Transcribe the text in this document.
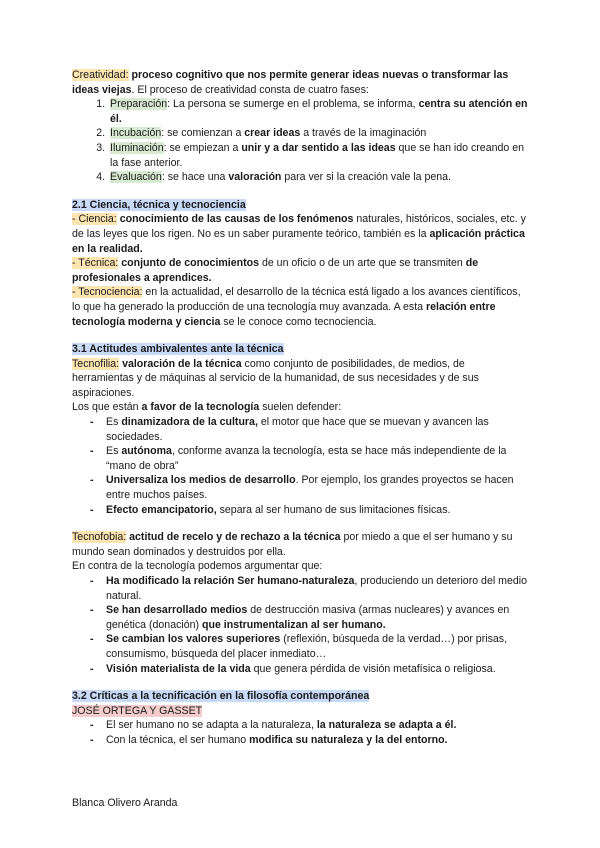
Creatividad: proceso cognitivo que nos permite generar ideas nuevas o transformar las ideas viejas. El proceso de creatividad consta de cuatro fases:

1. Preparación: La persona se sumerge en el problema, se informa, centra su atención en él.
2. Incubación: se comienzan a crear ideas a través de la imaginación
3. Iluminación: se empiezan a unir y a dar sentido a las ideas que se han ido creando en la fase anterior.
4. Evaluación: se hace una valoración para ver si la creación vale la pena.

2.1 Ciencia, técnica y tecnociencia

- Ciencia: conocimiento de las causas de los fenómenos naturales, históricos, sociales, etc. y de las leyes que los rigen. No es un saber puramente teórico, también es la aplicación práctica en la realidad.

- Técnica: conjunto de conocimientos de un oficio o de un arte que se transmiten de profesionales a aprendices.

- Tecnociencia: en la actualidad, el desarrollo de la técnica está ligado a los avances científicos, lo que ha generado la producción de una tecnología muy avanzada. A esta relación entre tecnología moderna y ciencia se le conoce como tecnociencia.

3.1 Actitudes ambivalentes ante la técnica

Tecnofilia: valoración de la técnica como conjunto de posibilidades, de medios, de herramientas y de máquinas al servicio de la humanidad, de sus necesidades y de sus aspiraciones.

Los que están a favor de la tecnología suelen defender:

- Es dinamizadora de la cultura, el motor que hace que se muevan y avancen las sociedades.
- Es autónoma, conforme avanza la tecnología, esta se hace más independiente de la “mano de obra”
- Universaliza los medios de desarrollo. Por ejemplo, los grandes proyectos se hacen entre muchos países.
- Efecto emancipatorio, separa al ser humano de sus limitaciones físicas.

Tecnofobia: actitud de recelo y de rechazo a la técnica por miedo a que el ser humano y su mundo sean dominados y destruidos por ella.

En contra de la tecnología podemos argumentar que:

- Ha modificado la relación Ser humano-naturaleza, produciendo un deterioro del medio natural.
- Se han desarrollado medios de destrucción masiva (armas nucleares) y avances en genética (donación) que instrumentalizan al ser humano.
- Se cambian los valores superiores (reflexión, búsqueda de la verdad…) por prisas, consumismo, búsqueda del placer inmediato…
- Visión materialista de la vida que genera pérdida de visión metafísica o religiosa.

3.2 Críticas a la tecnificación en la filosofía contemporánea

JOSÉ ORTEGA Y GASSET

- El ser humano no se adapta a la naturaleza, la naturaleza se adapta a él.
- Con la técnica, el ser humano modifica su naturaleza y la del entorno.
Blanca Olivero Aranda
